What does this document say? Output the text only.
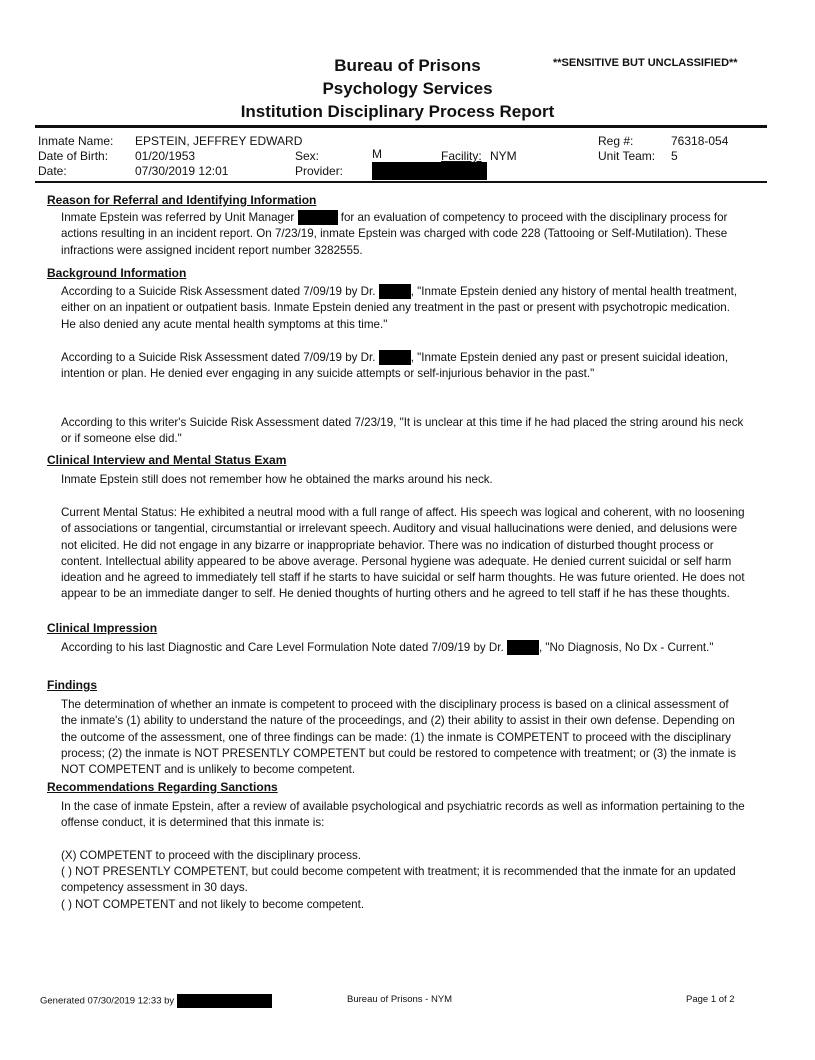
**SENSITIVE BUT UNCLASSIFIED**
Bureau of Prisons
Psychology Services
Institution Disciplinary Process Report
Inmate Name: EPSTEIN, JEFFREY EDWARD
Date of Birth: 01/20/1953
Date:	07/30/2019 12:01
Sex:	M
Provider:
Facility: NYM
Reg #:	76318-054
Unit Team: 5
Reason for Referral and Identifying Information
Inmate Epstein was referred by Unit Manager	for an evaluation of competency to proceed with the disciplinary process for actions resulting in an incident report. On 7/23/19, inmate Epstein was charged with code 228 (Tattooing or Self-Mutilation). These infractions were assigned incident report number 3282555.
Background Information
According to a Suicide Risk Assessment dated 7/09/19 by Dr.	, "Inmate Epstein denied any history of mental health treatment, either on an inpatient or outpatient basis. Inmate Epstein denied any treatment in the past or present with psychotropic medication. He also denied any acute mental health symptoms at this time."
According to a Suicide Risk Assessment dated 7/09/19 by Dr.	, "Inmate Epstein denied any past or present suicidal ideation, intention or plan. He denied ever engaging in any suicide attempts or self-injurious behavior in the past."
According to this writer's Suicide Risk Assessment dated 7/23/19, "It is unclear at this time if he had placed the string around his neck or if someone else did."
Clinical Interview and Mental Status Exam
Inmate Epstein still does not remember how he obtained the marks around his neck.
Current Mental Status: He exhibited a neutral mood with a full range of affect. His speech was logical and coherent, with no loosening of associations or tangential, circumstantial or irrelevant speech. Auditory and visual hallucinations were denied, and delusions were not elicited. He did not engage in any bizarre or inappropriate behavior. There was no indication of disturbed thought process or content. Intellectual ability appeared to be above average. Personal hygiene was adequate. He denied current suicidal or self harm ideation and he agreed to immediately tell staff if he starts to have suicidal or self harm thoughts. He was future oriented. He does not appear to be an immediate danger to self. He denied thoughts of hurting others and he agreed to tell staff if he has these thoughts.
Clinical Impression
According to his last Diagnostic and Care Level Formulation Note dated 7/09/19 by Dr.	, "No Diagnosis, No Dx - Current."
Findings
The determination of whether an inmate is competent to proceed with the disciplinary process is based on a clinical assessment of the inmate's (1) ability to understand the nature of the proceedings, and (2) their ability to assist in their own defense. Depending on the outcome of the assessment, one of three findings can be made: (1) the inmate is COMPETENT to proceed with the disciplinary process; (2) the inmate is NOT PRESENTLY COMPETENT but could be restored to competence with treatment; or (3) the inmate is NOT COMPETENT and is unlikely to become competent.
Recommendations Regarding Sanctions
In the case of inmate Epstein, after a review of available psychological and psychiatric records as well as information pertaining to the offense conduct, it is determined that this inmate is:
(X) COMPETENT to proceed with the disciplinary process.
( ) NOT PRESENTLY COMPETENT, but could become competent with treatment; it is recommended that the inmate for an updated competency assessment in 30 days.
( ) NOT COMPETENT and not likely to become competent.
Generated 07/30/2019 12:33 by	Bureau of Prisons - NYM	Page 1 of 2
